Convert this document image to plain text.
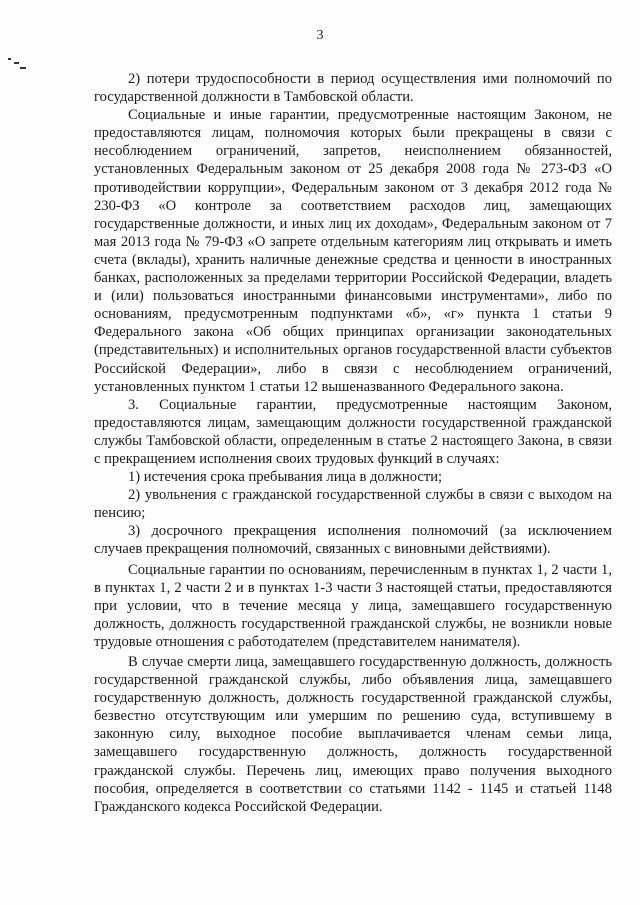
3

2) потери трудоспособности в период осуществления ими полномочий по государственной должности в Тамбовской области.

Социальные и иные гарантии, предусмотренные настоящим Законом, не предоставляются лицам, полномочия которых были прекращены в связи с несоблюдением ограничений, запретов, неисполнением обязанностей, установленных Федеральным законом от 25 декабря 2008 года № 273-ФЗ «О противодействии коррупции», Федеральным законом от 3 декабря 2012 года № 230-ФЗ «О контроле за соответствием расходов лиц, замещающих государственные должности, и иных лиц их доходам», Федеральным законом от 7 мая 2013 года № 79-ФЗ «О запрете отдельным категориям лиц открывать и иметь счета (вклады), хранить наличные денежные средства и ценности в иностранных банках, расположенных за пределами территории Российской Федерации, владеть и (или) пользоваться иностранными финансовыми инструментами», либо по основаниям, предусмотренным подпунктами «б», «г» пункта 1 статьи 9 Федерального закона «Об общих принципах организации законодательных (представительных) и исполнительных органов государственной власти субъектов Российской Федерации», либо в связи с несоблюдением ограничений, установленных пунктом 1 статьи 12 вышеназванного Федерального закона.

3. Социальные гарантии, предусмотренные настоящим Законом, предоставляются лицам, замещающим должности государственной гражданской службы Тамбовской области, определенным в статье 2 настоящего Закона, в связи с прекращением исполнения своих трудовых функций в случаях:

1) истечения срока пребывания лица в должности;

2) увольнения с гражданской государственной службы в связи с выходом на пенсию;

3) досрочного прекращения исполнения полномочий (за исключением случаев прекращения полномочий, связанных с виновными действиями).

Социальные гарантии по основаниям, перечисленным в пунктах 1, 2 части 1, в пунктах 1, 2 части 2 и в пунктах 1-3 части 3 настоящей статьи, предоставляются при условии, что в течение месяца у лица, замещавшего государственную должность, должность государственной гражданской службы, не возникли новые трудовые отношения с работодателем (представителем нанимателя).

В случае смерти лица, замещавшего государственную должность, должность государственной гражданской службы, либо объявления лица, замещавшего государственную должность, должность государственной гражданской службы, безвестно отсутствующим или умершим по решению суда, вступившему в законную силу, выходное пособие выплачивается членам семьи лица, замещавшего государственную должность, должность государственной гражданской службы. Перечень лиц, имеющих право получения выходного пособия, определяется в соответствии со статьями 1142 - 1145 и статьей 1148 Гражданского кодекса Российской Федерации.
